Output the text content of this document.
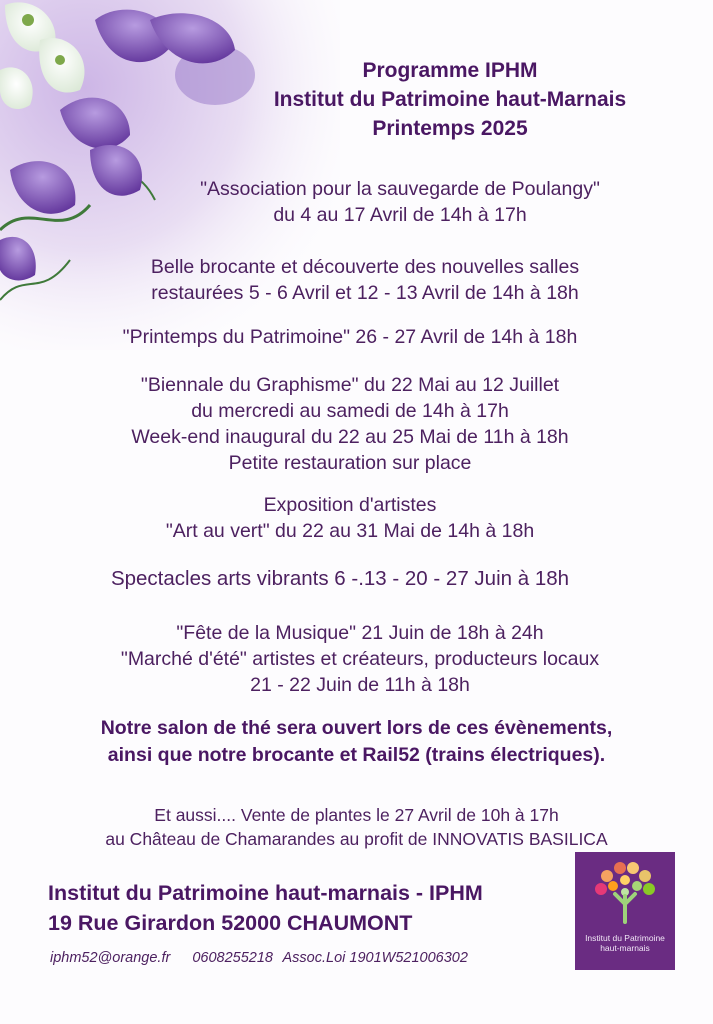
Programme IPHM
Institut du Patrimoine haut-Marnais
Printemps 2025
"Association pour la sauvegarde de Poulangy"
du 4 au 17 Avril de 14h à 17h
Belle brocante et découverte des nouvelles salles
restaurées 5 - 6 Avril et 12 - 13 Avril de 14h à 18h
"Printemps du Patrimoine" 26 - 27 Avril de 14h à 18h
"Biennale du Graphisme" du 22 Mai au 12 Juillet
du mercredi au samedi de 14h à 17h
Week-end inaugural du 22 au 25 Mai de 11h à 18h
Petite restauration sur place
Exposition d'artistes
"Art au vert" du 22 au 31 Mai de 14h à 18h
Spectacles arts vibrants 6 -.13 - 20 - 27 Juin à 18h
"Fête de la Musique" 21 Juin de 18h à 24h
"Marché d'été" artistes et créateurs, producteurs locaux
21 - 22 Juin de 11h à 18h
Notre salon de thé sera ouvert lors de ces évènements,
ainsi que notre brocante et Rail52 (trains électriques).
Et aussi.... Vente de plantes le 27 Avril de 10h à 17h
au Château de Chamarandes au profit de INNOVATIS BASILICA
Institut du Patrimoine haut-marnais - IPHM
19 Rue Girardon 52000 CHAUMONT
iphm52@orange.fr 0608255218 Assoc.Loi 1901W521006302
Institut du Patrimoine
haut-marnais
